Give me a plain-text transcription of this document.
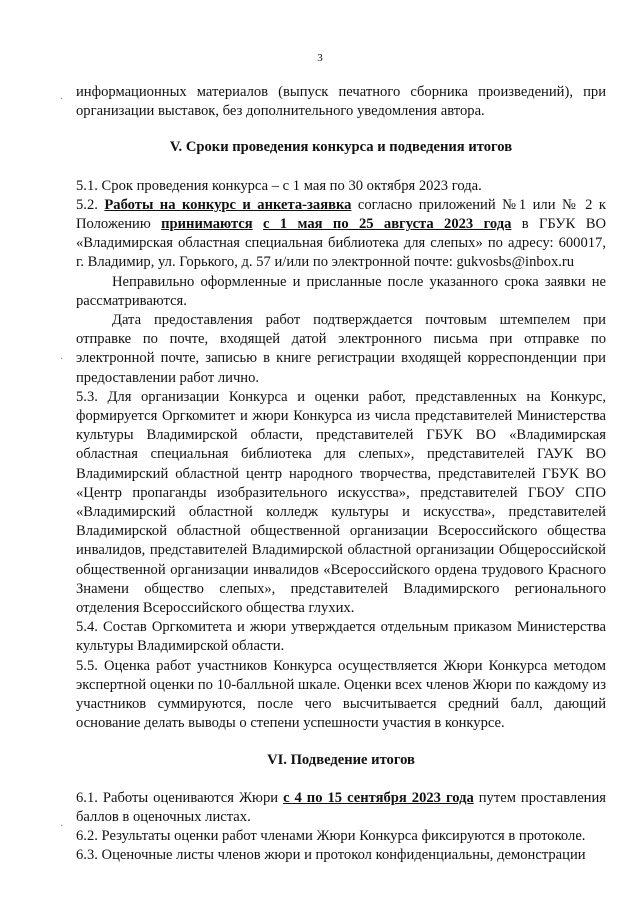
3
·
·
·

информационных материалов (выпуск печатного сборника произведений), при организации выставок, без дополнительного уведомления автора.

V. Сроки проведения конкурса и подведения итогов

5.1. Срок проведения конкурса – с 1 мая по 30 октября 2023 года.

5.2. Работы на конкурс и анкета-заявка согласно приложений №1 или № 2 к Положению принимаются с 1 мая по 25 августа 2023 года в ГБУК ВО «Владимирская областная специальная библиотека для слепых» по адресу: 600017, г. Владимир, ул. Горького, д. 57 и/или по электронной почте: gukvosbs@inbox.ru

Неправильно оформленные и присланные после указанного срока заявки не рассматриваются.

Дата предоставления работ подтверждается почтовым штемпелем при отправке по почте, входящей датой электронного письма при отправке по электронной почте, записью в книге регистрации входящей корреспонденции при предоставлении работ лично.

5.3. Для организации Конкурса и оценки работ, представленных на Конкурс, формируется Оргкомитет и жюри Конкурса из числа представителей Министерства культуры Владимирской области, представителей ГБУК ВО «Владимирская областная специальная библиотека для слепых», представителей ГАУК ВО Владимирский областной центр народного творчества, представителей ГБУК ВО «Центр пропаганды изобразительного искусства», представителей ГБОУ СПО «Владимирский областной колледж культуры и искусства», представителей Владимирской областной общественной организации Всероссийского общества инвалидов, представителей Владимирской областной организации Общероссийской общественной организации инвалидов «Всероссийского ордена трудового Красного Знамени общество слепых», представителей Владимирского регионального отделения Всероссийского общества глухих.

5.4. Состав Оргкомитета и жюри утверждается отдельным приказом Министерства культуры Владимирской области.

5.5. Оценка работ участников Конкурса осуществляется Жюри Конкурса методом экспертной оценки по 10-балльной шкале. Оценки всех членов Жюри по каждому из участников суммируются, после чего высчитывается средний балл, дающий основание делать выводы о степени успешности участия в конкурсе.

VI. Подведение итогов

6.1. Работы оцениваются Жюри с 4 по 15 сентября 2023 года путем проставления баллов в оценочных листах.

6.2. Результаты оценки работ членами Жюри Конкурса фиксируются в протоколе.

6.3. Оценочные листы членов жюри и протокол конфиденциальны, демонстрации
